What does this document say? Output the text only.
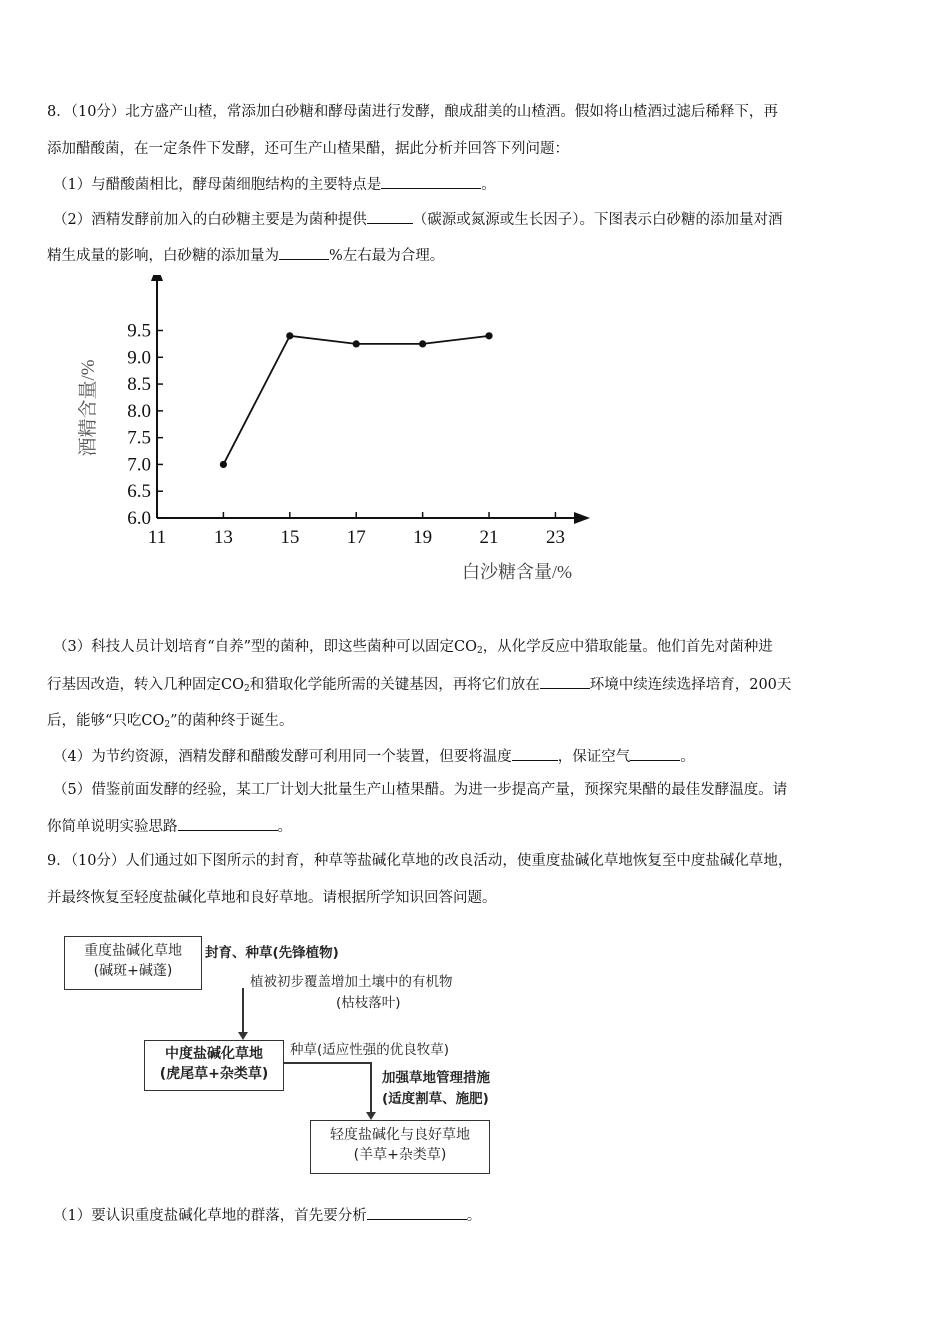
8．（10分）北方盛产山楂，常添加白砂糖和酵母菌进行发酵，酿成甜美的山楂酒。假如将山楂酒过滤后稀释下，再
添加醋酸菌，在一定条件下发酵，还可生产山楂果醋，据此分析并回答下列问题：
（1）与醋酸菌相比，酵母菌细胞结构的主要特点是	。
（2）酒精发酵前加入的白砂糖主要是为菌种提供	（碳源或氮源或生长因子）。下图表示白砂糖的添加量对酒
精生成量的影响，白砂糖的添加量为	%左右最为合理。
6.0
6.5
7.0
7.5
8.0
8.5
9.0
9.5
11	13 15 17 19 21 23
酒精含量/%
白沙糖含量/%
（3）科技人员计划培育“自养”型的菌种，即这些菌种可以固定$CO_2$，从化学反应中猎取能量。他们首先对菌种进
行基因改造，转入几种固定$CO_2$和猎取化学能所需的关键基因，再将它们放在	环境中续连续选择培育，200天
后，能够“只吃$CO_2$”的菌种终于诞生。
（4）为节约资源，酒精发酵和醋酸发酵可利用同一个装置，但要将温度	，保证空气	。
（5）借鉴前面发酵的经验，某工厂计划大批量生产山楂果醋。为进一步提高产量，预探究果醋的最佳发酵温度。请
你简单说明实验思路	。
9．（10分）人们通过如下图所示的封育，种草等盐碱化草地的改良活动，使重度盐碱化草地恢复至中度盐碱化草地，
并最终恢复至轻度盐碱化草地和良好草地。请根据所学知识回答问题。
重度盐碱化草地
(碱斑+碱蓬)
封育、种草(先锋植物)
植被初步覆盖增加土壤中的有机物
(枯枝落叶)
中度盐碱化草地
(虎尾草+杂类草)
种草(适应性强的优良牧草)
加强草地管理措施
(适度割草、施肥)
轻度盐碱化与良好草地
(羊草+杂类草)
（1）要认识重度盐碱化草地的群落，首先要分析	。
